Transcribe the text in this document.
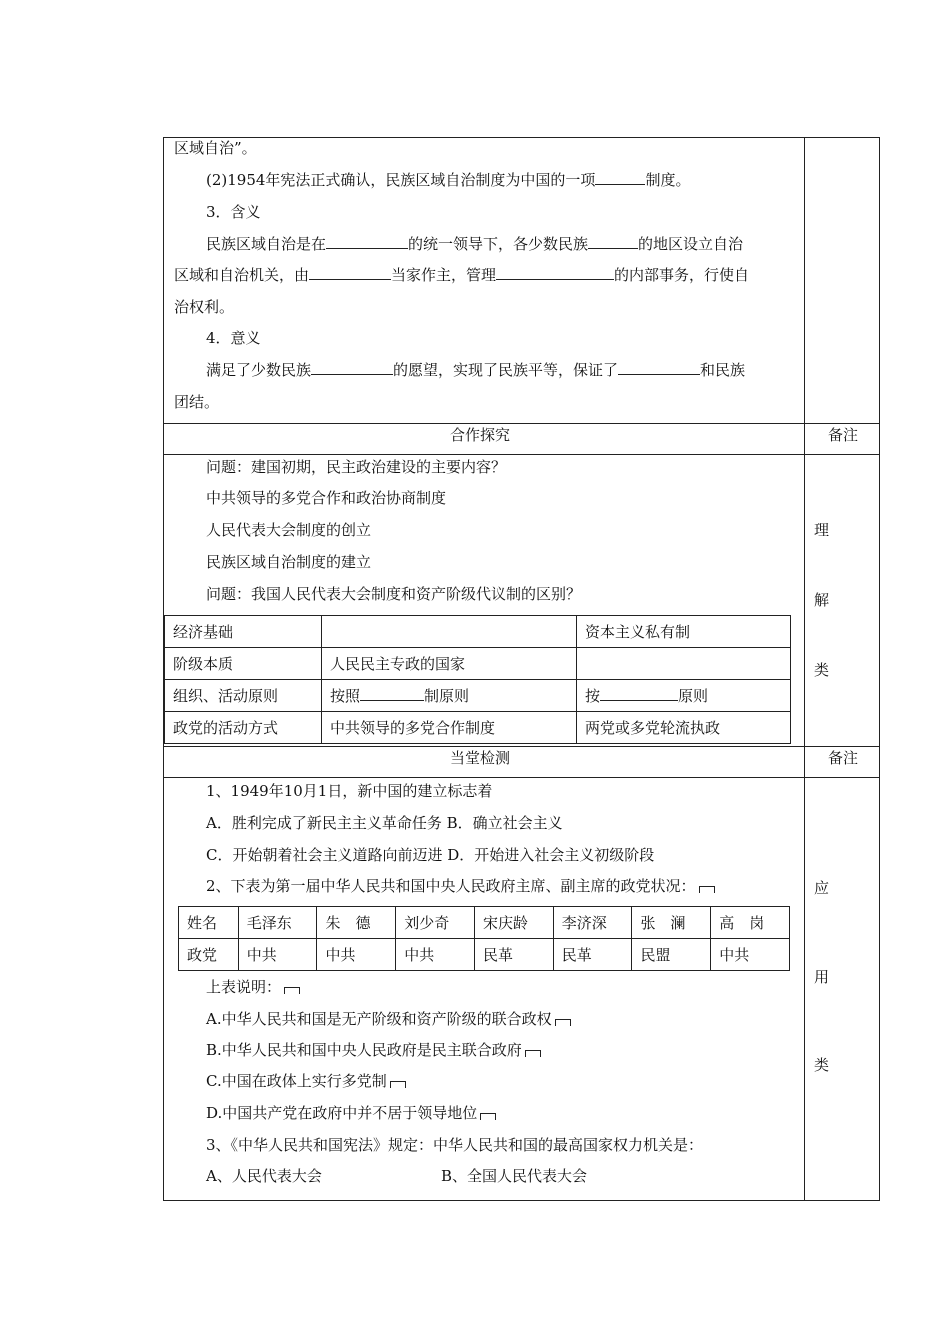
区域自治”。
(2)1954年宪法正式确认，民族区域自治制度为中国的一项	制度。
3．含义
民族区域自治是在	的统一领导下，各少数民族	的地区设立自治
区域和自治机关，由	当家作主，管理	的内部事务，行使自
治权利。
4．意义
满足了少数民族	的愿望，实现了民族平等，保证了	和民族
团结。
合作探究	备注
问题：建国初期，民主政治建设的主要内容？
中共领导的多党合作和政治协商制度
人民代表大会制度的创立
民族区域自治制度的建立
问题：我国人民代表大会制度和资产阶级代议制的区别？
理
解
类
经济基础		资本主义私有制
阶级本质	人民民主专政的国家	
组织、活动原则	按照 制原则	按 原则
政党的活动方式	中共领导的多党合作制度	两党或多党轮流执政
当堂检测	备注
1、1949年10月1日，新中国的建立标志着
A．胜利完成了新民主主义革命任务 B．确立社会主义
C．开始朝着社会主义道路向前迈进 D．开始进入社会主义初级阶段
2、下表为第一届中华人民共和国中央人民政府主席、副主席的政党状况：
姓名	毛泽东	朱　德	刘少奇	宋庆龄	李济深	张　澜	高　岗
政党	中共	中共	中共	民革	民革	民盟	中共
上表说明：
A.中华人民共和国是无产阶级和资产阶级的联合政权
B.中华人民共和国中央人民政府是民主联合政府
C.中国在政体上实行多党制
D.中国共产党在政府中并不居于领导地位
3、《中华人民共和国宪法》规定：中华人民共和国的最高国家权力机关是：
A、人民代表大会	B、全国人民代表大会
应
用
类
